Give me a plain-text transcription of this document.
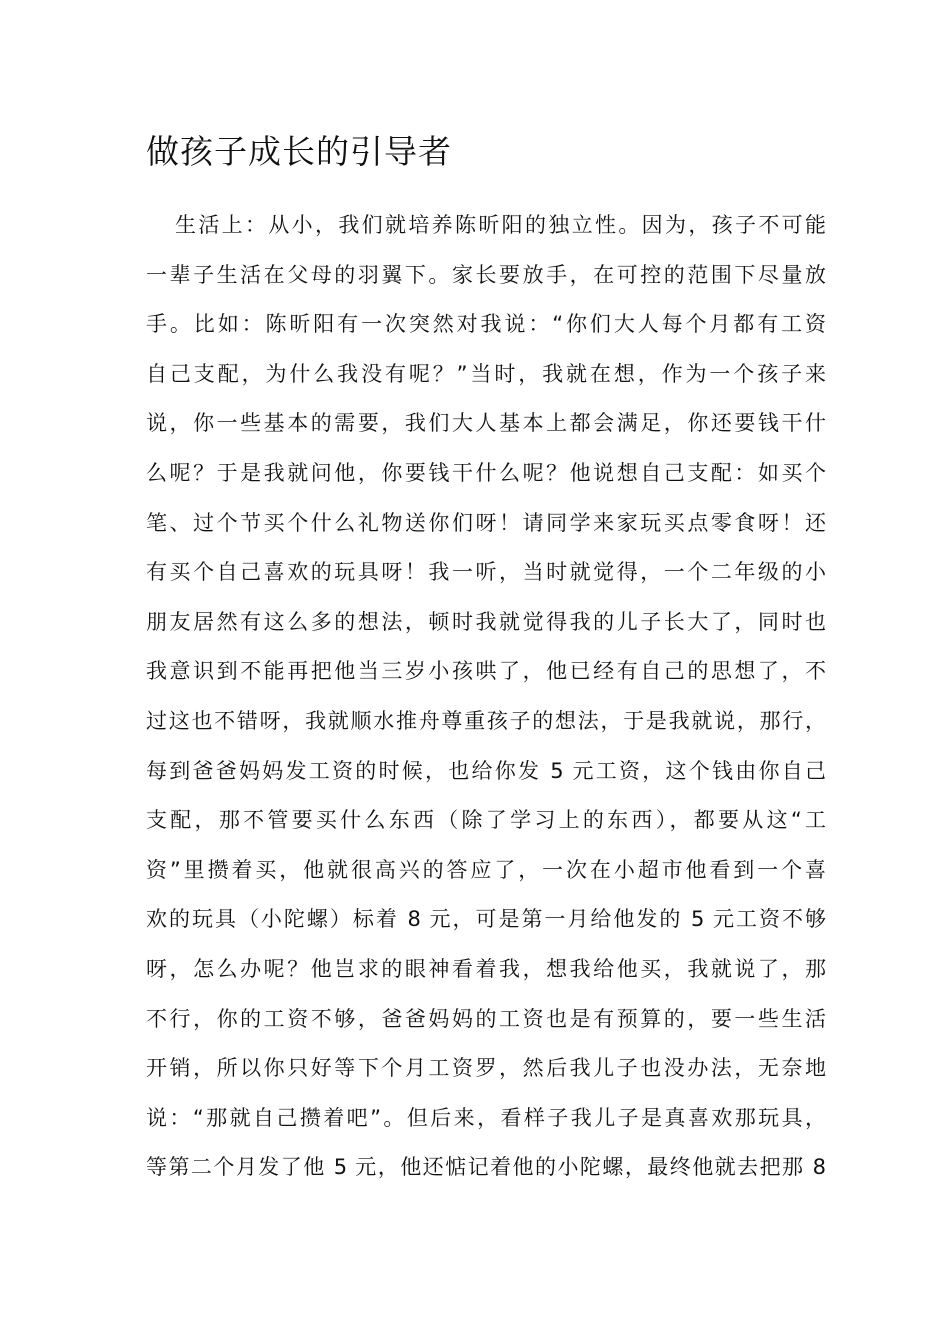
做孩子成长的引导者
生活上：从小，我们就培养陈昕阳的独立性。因为，孩子不可能
一辈子生活在父母的羽翼下。家长要放手，在可控的范围下尽量放
手。比如：陈昕阳有一次突然对我说：“你们大人每个月都有工资
自己支配，为什么我没有呢？”当时，我就在想，作为一个孩子来
说，你一些基本的需要，我们大人基本上都会满足，你还要钱干什
么呢？于是我就问他，你要钱干什么呢？他说想自己支配：如买个
笔、过个节买个什么礼物送你们呀！请同学来家玩买点零食呀！还
有买个自己喜欢的玩具呀！我一听，当时就觉得，一个二年级的小
朋友居然有这么多的想法，顿时我就觉得我的儿子长大了，同时也
我意识到不能再把他当三岁小孩哄了，他已经有自己的思想了，不
过这也不错呀，我就顺水推舟尊重孩子的想法，于是我就说，那行，
每到爸爸妈妈发工资的时候，也给你发 5 元工资，这个钱由你自己
支配，那不管要买什么东西（除了学习上的东西），都要从这“工
资”里攒着买，他就很高兴的答应了，一次在小超市他看到一个喜
欢的玩具（小陀螺）标着 8 元，可是第一月给他发的 5 元工资不够
呀，怎么办呢？他岂求的眼神看着我，想我给他买，我就说了，那
不行，你的工资不够，爸爸妈妈的工资也是有预算的，要一些生活
开销，所以你只好等下个月工资罗，然后我儿子也没办法，无奈地
说：“那就自己攒着吧”。但后来，看样子我儿子是真喜欢那玩具，
等第二个月发了他 5 元，他还惦记着他的小陀螺，最终他就去把那 8
